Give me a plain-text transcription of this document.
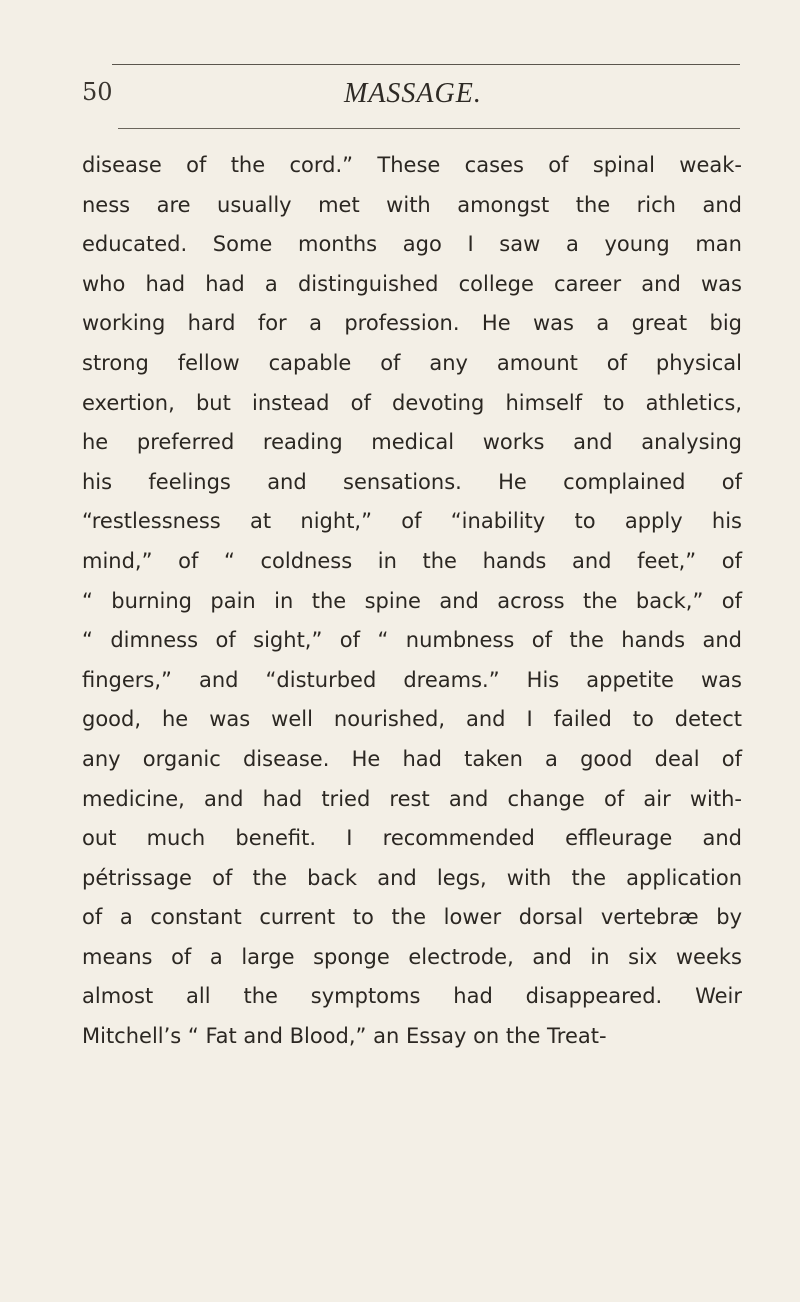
50	MASSAGE.
disease of the cord.” These cases of spinal weak-
ness are usually met with amongst the rich and
educated. Some months ago I saw a young man
who had had a distinguished college career and was
working hard for a profession. He was a great big
strong fellow capable of any amount of physical
exertion, but instead of devoting himself to athletics,
he preferred reading medical works and analysing
his feelings and sensations. He complained of
“restlessness at night,” of “inability to apply his
mind,” of “ coldness in the hands and feet,” of
“ burning pain in the spine and across the back,” of
“ dimness of sight,” of “ numbness of the hands and
fingers,” and “disturbed dreams.” His appetite was
good, he was well nourished, and I failed to detect
any organic disease. He had taken a good deal of
medicine, and had tried rest and change of air with-
out much benefit. I recommended effleurage and
pétrissage of the back and legs, with the application
of a constant current to the lower dorsal vertebræ by
means of a large sponge electrode, and in six weeks
almost all the symptoms had disappeared. Weir
Mitchell’s “ Fat and Blood,” an Essay on the Treat-
